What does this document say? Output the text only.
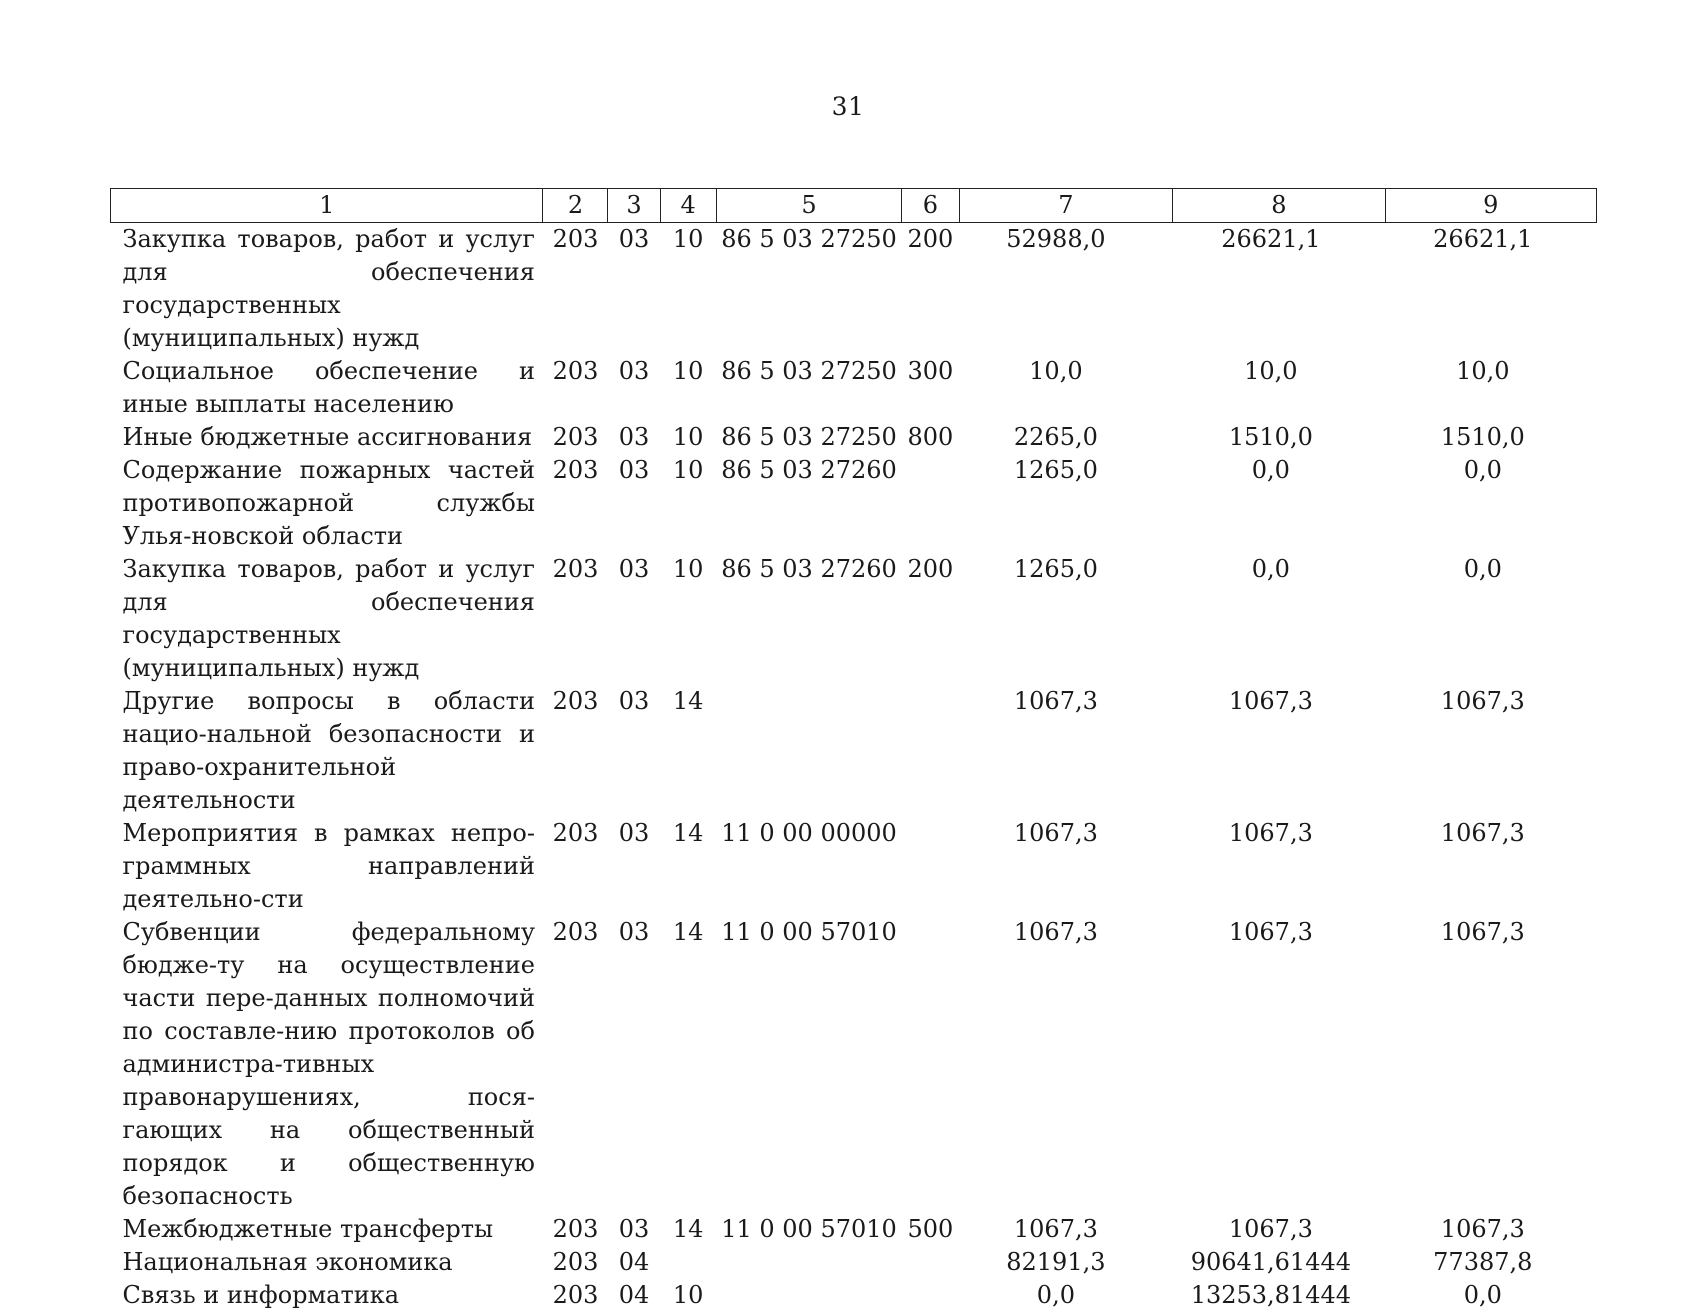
31
1	2	3	4	5	6	7	8	9
Закупка товаров, работ и услуг для обеспечения государственных (муниципальных) нужд	203	03	10	86 5 03 27250	200	52988,0	26621,1	26621,1
Социальное обеспечение и иные выплаты населению	203	03	10	86 5 03 27250	300	10,0	10,0	10,0
Иные бюджетные ассигнования	203	03	10	86 5 03 27250	800	2265,0	1510,0	1510,0
Содержание пожарных частей противопожарной службы Улья-новской области	203	03	10	86 5 03 27260		1265,0	0,0	0,0
Закупка товаров, работ и услуг для обеспечения государственных (муниципальных) нужд	203	03	10	86 5 03 27260	200	1265,0	0,0	0,0
Другие вопросы в области нацио-нальной безопасности и право-охранительной деятельности	203	03	14			1067,3	1067,3	1067,3
Мероприятия в рамках непро-граммных направлений деятельно-сти	203	03	14	11 0 00 00000		1067,3	1067,3	1067,3
Субвенции федеральному бюдже-ту на осуществление части пере-данных полномочий по составле-нию протоколов об администра-тивных правонарушениях, пося-гающих на общественный порядок и общественную безопасность	203	03	14	11 0 00 57010		1067,3	1067,3	1067,3
Межбюджетные трансферты	203	03	14	11 0 00 57010	500	1067,3	1067,3	1067,3
Национальная экономика	203	04				82191,3	90641,61444	77387,8
Связь и информатика	203	04	10			0,0	13253,81444	0,0
